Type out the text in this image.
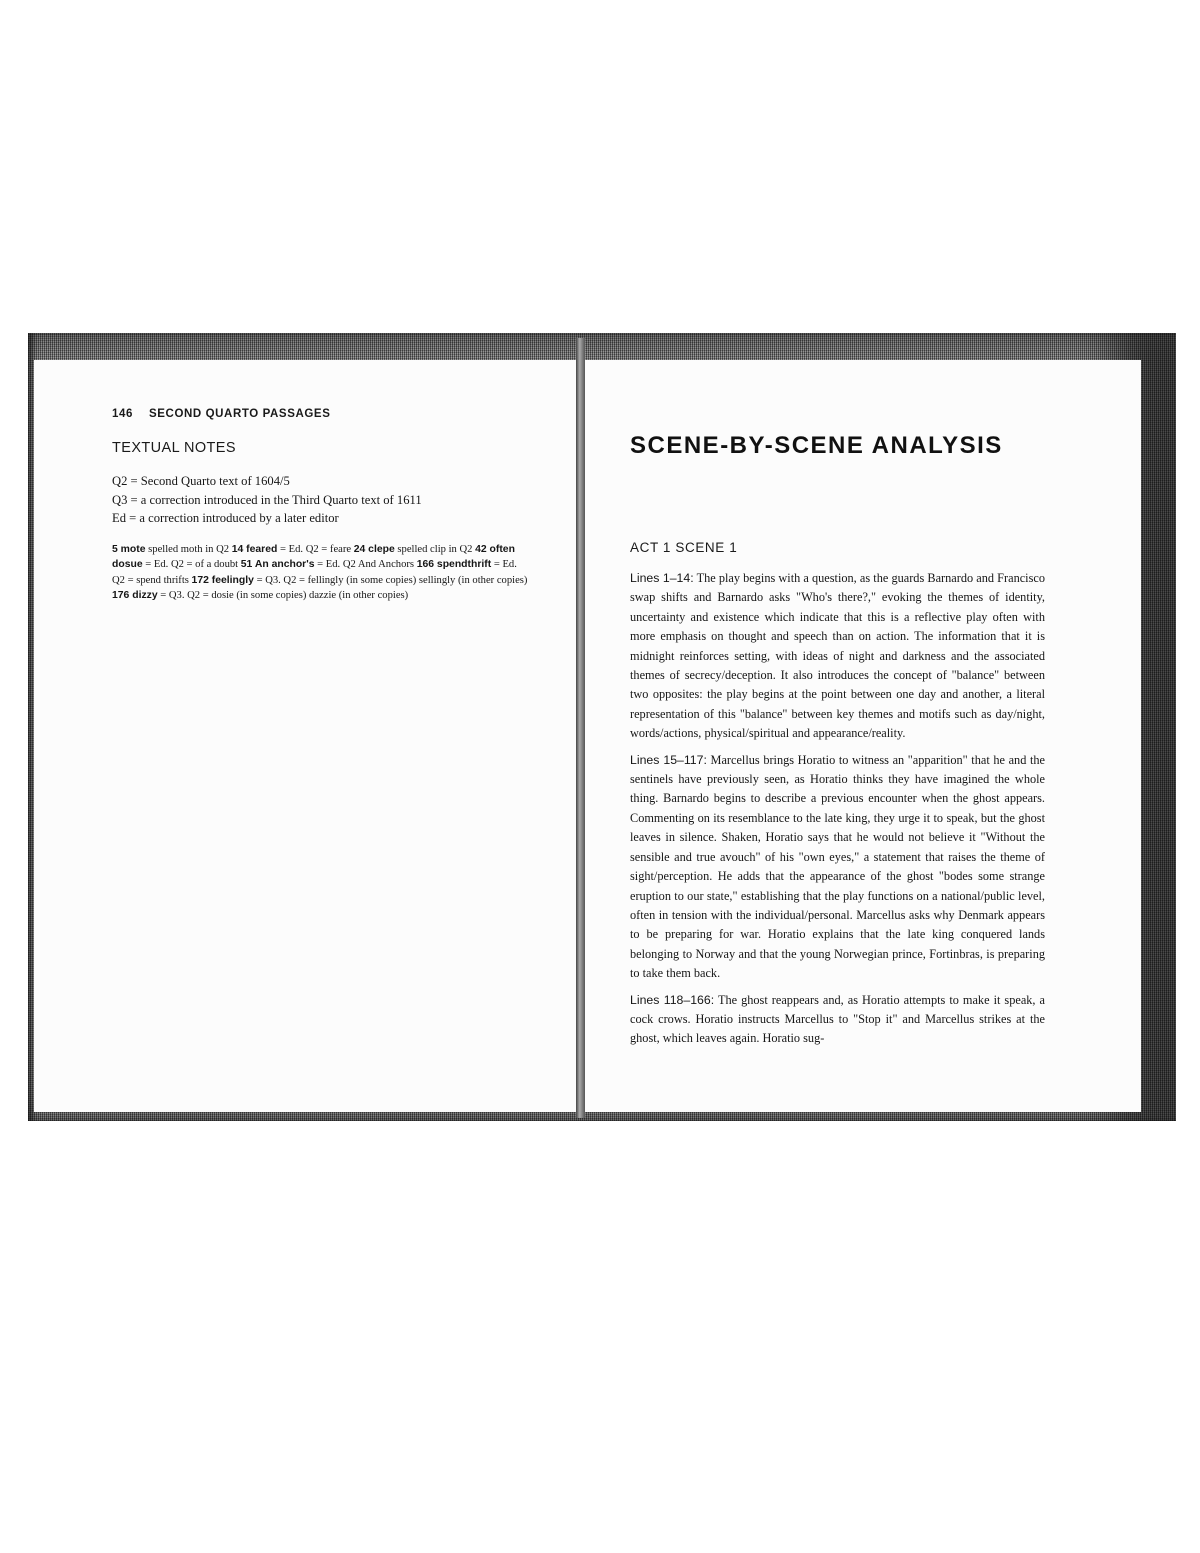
146 SECOND QUARTO PASSAGES
TEXTUAL NOTES
Q2 = Second Quarto text of 1604/5
Q3 = a correction introduced in the Third Quarto text of 1611
Ed = a correction introduced by a later editor
5 mote spelled moth in Q2 14 feared = Ed. Q2 = feare 24 clepe spelled clip in Q2 42 often dosue = Ed. Q2 = of a doubt 51 An anchor's = Ed. Q2 And Anchors 166 spendthrift = Ed. Q2 = spend thrifts 172 feelingly = Q3. Q2 = fellingly (in some copies) sellingly (in other copies) 176 dizzy = Q3. Q2 = dosie (in some copies) dazzie (in other copies)
SCENE-BY-SCENE ANALYSIS
ACT 1 SCENE 1

Lines 1–14: The play begins with a question, as the guards Barnardo and Francisco swap shifts and Barnardo asks "Who's there?," evoking the themes of identity, uncertainty and existence which indicate that this is a reflective play often with more emphasis on thought and speech than on action. The information that it is midnight reinforces setting, with ideas of night and darkness and the associated themes of secrecy/deception. It also introduces the concept of "balance" between two opposites: the play begins at the point between one day and another, a literal representation of this "balance" between key themes and motifs such as day/night, words/actions, physical/spiritual and appearance/reality.

Lines 15–117: Marcellus brings Horatio to witness an "apparition" that he and the sentinels have previously seen, as Horatio thinks they have imagined the whole thing. Barnardo begins to describe a previous encounter when the ghost appears. Commenting on its resemblance to the late king, they urge it to speak, but the ghost leaves in silence. Shaken, Horatio says that he would not believe it "Without the sensible and true avouch" of his "own eyes," a statement that raises the theme of sight/perception. He adds that the appearance of the ghost "bodes some strange eruption to our state," establishing that the play functions on a national/public level, often in tension with the individual/personal. Marcellus asks why Denmark appears to be preparing for war. Horatio explains that the late king conquered lands belonging to Norway and that the young Norwegian prince, Fortinbras, is preparing to take them back.

Lines 118–166: The ghost reappears and, as Horatio attempts to make it speak, a cock crows. Horatio instructs Marcellus to "Stop it" and Marcellus strikes at the ghost, which leaves again. Horatio sug-
